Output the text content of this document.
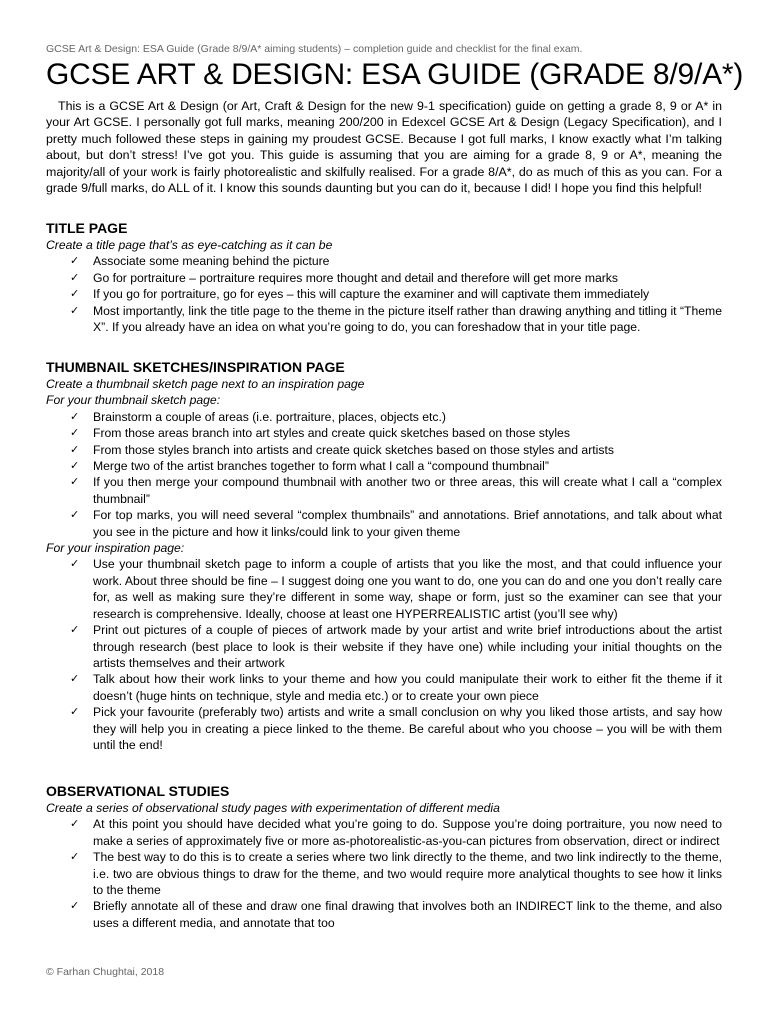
GCSE Art & Design: ESA Guide (Grade 8/9/A* aiming students) – completion guide and checklist for the final exam.
GCSE ART & DESIGN: ESA GUIDE (GRADE 8/9/A*)

This is a GCSE Art & Design (or Art, Craft & Design for the new 9-1 specification) guide on getting a grade 8, 9 or A* in your Art GCSE. I personally got full marks, meaning 200/200 in Edexcel GCSE Art & Design (Legacy Specification), and I pretty much followed these steps in gaining my proudest GCSE. Because I got full marks, I know exactly what I’m talking about, but don’t stress! I’ve got you. This guide is assuming that you are aiming for a grade 8, 9 or A*, meaning the majority/all of your work is fairly photorealistic and skilfully realised. For a grade 8/A*, do as much of this as you can. For a grade 9/full marks, do ALL of it. I know this sounds daunting but you can do it, because I did! I hope you find this helpful!

TITLE PAGE

Create a title page that’s as eye-catching as it can be

✓ Associate some meaning behind the picture
✓ Go for portraiture – portraiture requires more thought and detail and therefore will get more marks
✓ If you go for portraiture, go for eyes – this will capture the examiner and will captivate them immediately
✓ Most importantly, link the title page to the theme in the picture itself rather than drawing anything and titling it “Theme X”. If you already have an idea on what you’re going to do, you can foreshadow that in your title page.
THUMBNAIL SKETCHES/INSPIRATION PAGE

Create a thumbnail sketch page next to an inspiration page

For your thumbnail sketch page:

✓ Brainstorm a couple of areas (i.e. portraiture, places, objects etc.)
✓ From those areas branch into art styles and create quick sketches based on those styles
✓ From those styles branch into artists and create quick sketches based on those styles and artists
✓ Merge two of the artist branches together to form what I call a “compound thumbnail”
✓ If you then merge your compound thumbnail with another two or three areas, this will create what I call a “complex thumbnail”
✓ For top marks, you will need several “complex thumbnails” and annotations. Brief annotations, and talk about what you see in the picture and how it links/could link to your given theme

For your inspiration page:

✓ Use your thumbnail sketch page to inform a couple of artists that you like the most, and that could influence your work. About three should be fine – I suggest doing one you want to do, one you can do and one you don’t really care for, as well as making sure they’re different in some way, shape or form, just so the examiner can see that your research is comprehensive. Ideally, choose at least one HYPERREALISTIC artist (you’ll see why)
✓ Print out pictures of a couple of pieces of artwork made by your artist and write brief introductions about the artist through research (best place to look is their website if they have one) while including your initial thoughts on the artists themselves and their artwork
✓ Talk about how their work links to your theme and how you could manipulate their work to either fit the theme if it doesn’t (huge hints on technique, style and media etc.) or to create your own piece
✓ Pick your favourite (preferably two) artists and write a small conclusion on why you liked those artists, and say how they will help you in creating a piece linked to the theme. Be careful about who you choose – you will be with them until the end!
OBSERVATIONAL STUDIES

Create a series of observational study pages with experimentation of different media

✓ At this point you should have decided what you’re going to do. Suppose you’re doing portraiture, you now need to make a series of approximately five or more as-photorealistic-as-you-can pictures from observation, direct or indirect
✓ The best way to do this is to create a series where two link directly to the theme, and two link indirectly to the theme, i.e. two are obvious things to draw for the theme, and two would require more analytical thoughts to see how it links to the theme
✓ Briefly annotate all of these and draw one final drawing that involves both an INDIRECT link to the theme, and also uses a different media, and annotate that too
© Farhan Chughtai, 2018
